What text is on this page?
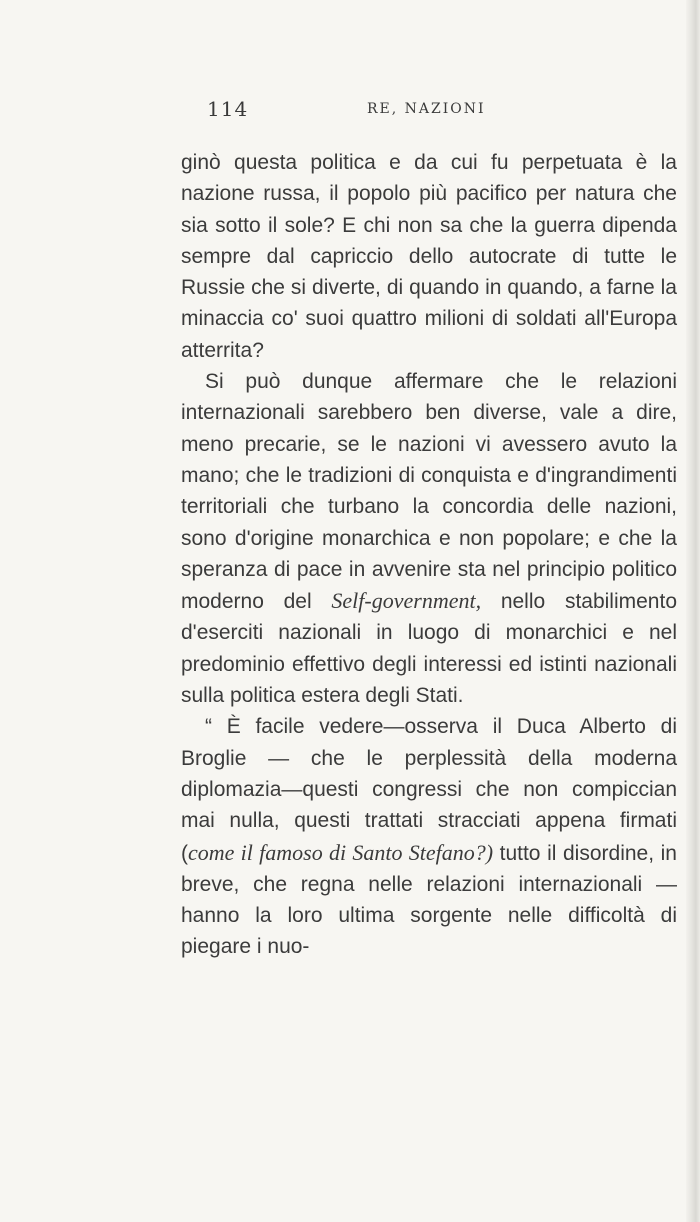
114	RE, NAZIONI

ginò questa politica e da cui fu perpetuata è la nazione russa, il popolo più pacifico per natura che sia sotto il sole? E chi non sa che la guerra dipenda sempre dal capriccio dello autocrate di tutte le Russie che si diverte, di quando in quando, a farne la minaccia co' suoi quattro milioni di soldati all'Europa atterrita?

Si può dunque affermare che le relazioni internazionali sarebbero ben diverse, vale a dire, meno precarie, se le nazioni vi avessero avuto la mano; che le tradizioni di conquista e d'ingrandimenti territoriali che turbano la concordia delle nazioni, sono d'origine monarchica e non popolare; e che la speranza di pace in avvenire sta nel principio politico moderno del Self-government, nello stabilimento d'eserciti nazionali in luogo di monarchici e nel predominio effettivo degli interessi ed istinti nazionali sulla politica estera degli Stati.

“ È facile vedere—osserva il Duca Alberto di Broglie — che le perplessità della moderna diplomazia—questi congressi che non compiccian mai nulla, questi trattati stracciati appena firmati (come il famoso di Santo Stefano?) tutto il disordine, in breve, che regna nelle relazioni internazionali — hanno la loro ultima sorgente nelle difficoltà di piegare i nuo-
